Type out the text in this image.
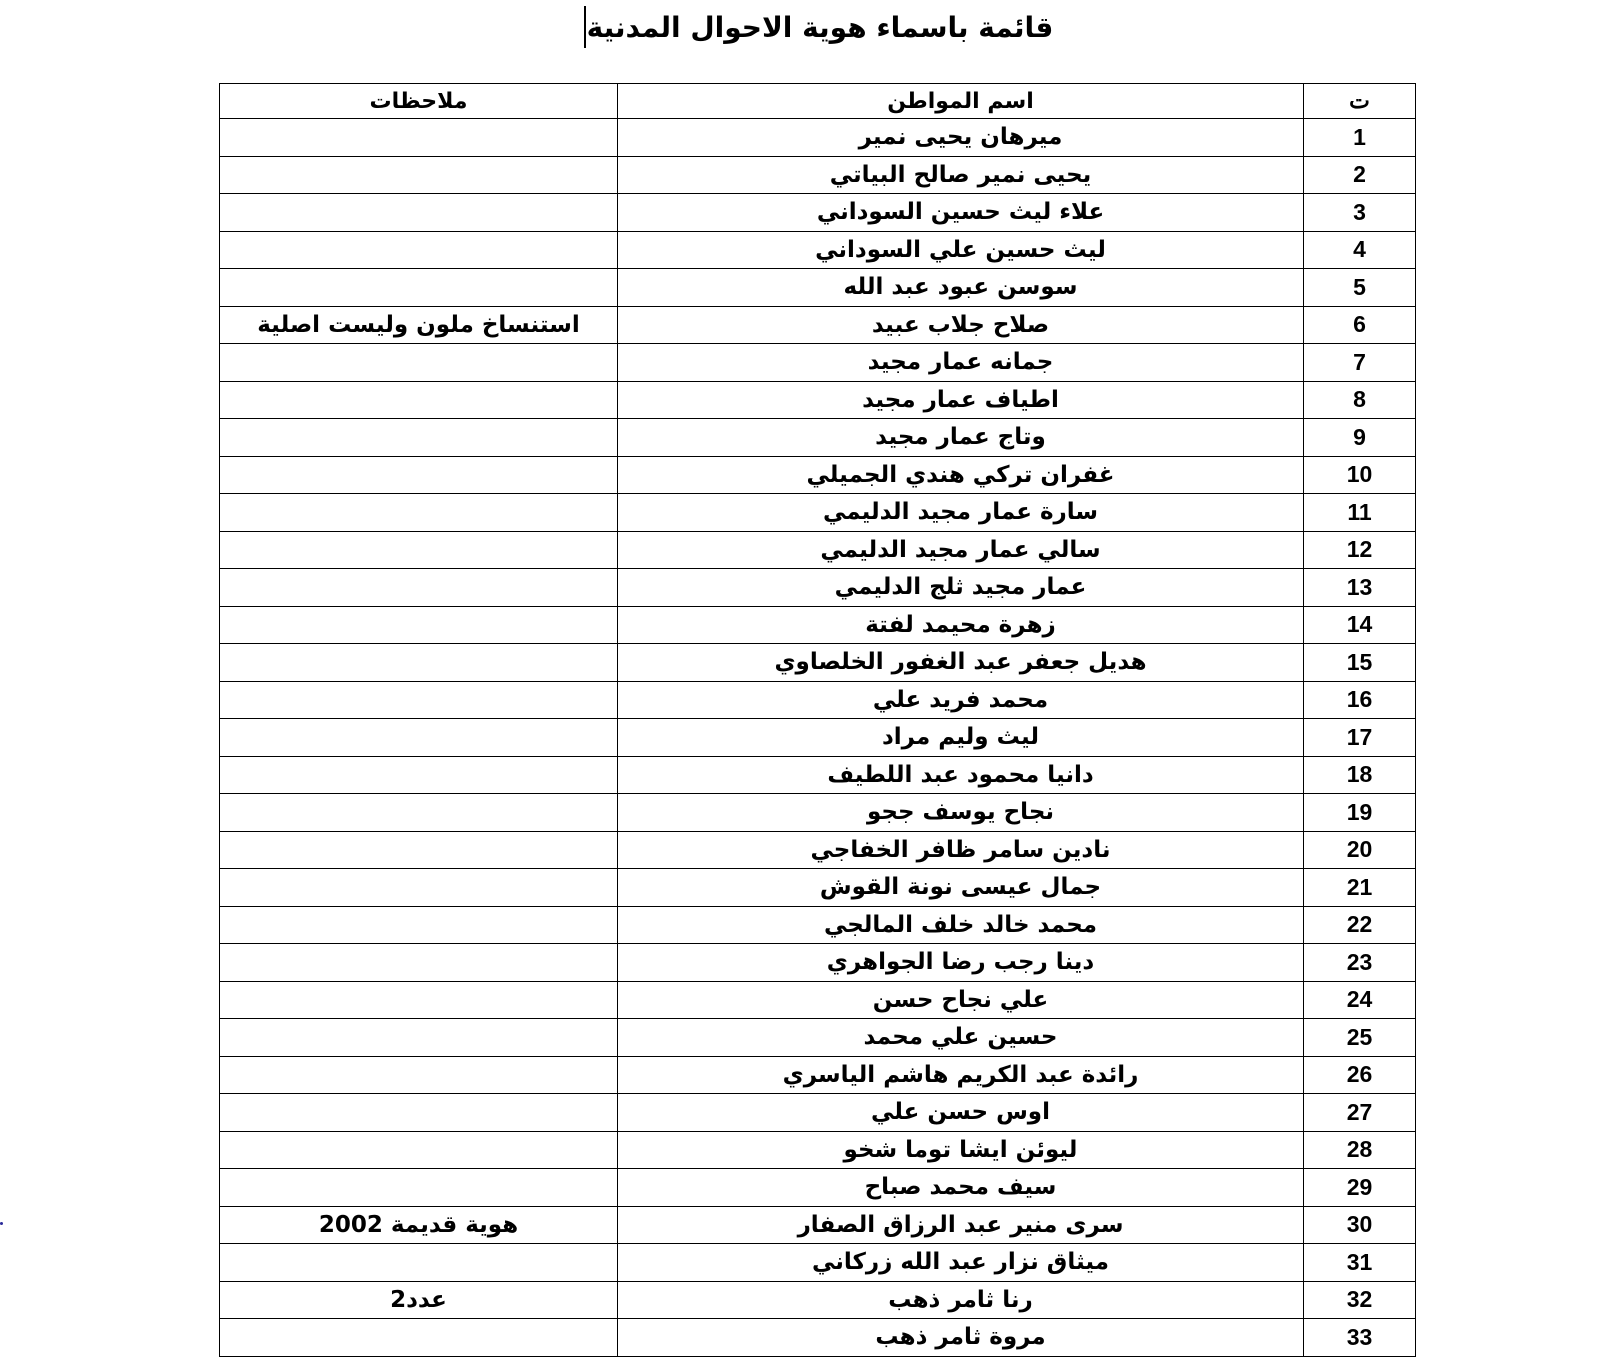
قائمة باسماء هوية الاحوال المدنية
ملاحظات	اسم المواطن	ت
	ميرهان يحيى نمير	1
	يحيى نمير صالح البياتي	2
	علاء ليث حسين السوداني	3
	ليث حسين علي السوداني	4
	سوسن عبود عبد الله	5
استنساخ ملون وليست اصلية	صلاح جلاب عبيد	6
	جمانه عمار مجيد	7
	اطياف عمار مجيد	8
	وتاج عمار مجيد	9
	غفران تركي هندي الجميلي	10
	سارة عمار مجيد الدليمي	11
	سالي عمار مجيد الدليمي	12
	عمار مجيد ثلج الدليمي	13
	زهرة محيمد لفتة	14
	هديل جعفر عبد الغفور الخلصاوي	15
	محمد فريد علي	16
	ليث وليم مراد	17
	دانيا محمود عبد اللطيف	18
	نجاح يوسف ججو	19
	نادين سامر ظافر الخفاجي	20
	جمال عيسى نونة القوش	21
	محمد خالد خلف المالجي	22
	دينا رجب رضا الجواهري	23
	علي نجاح حسن	24
	حسين علي محمد	25
	رائدة عبد الكريم هاشم الياسري	26
	اوس حسن علي	27
	ليوئن ايشا توما شخو	28
	سيف محمد صباح	29
هوية قديمة 2002	سرى منير عبد الرزاق الصفار	30
	ميثاق نزار عبد الله زركاني	31
عدد2	رنا ثامر ذهب	32
	مروة ثامر ذهب	33
